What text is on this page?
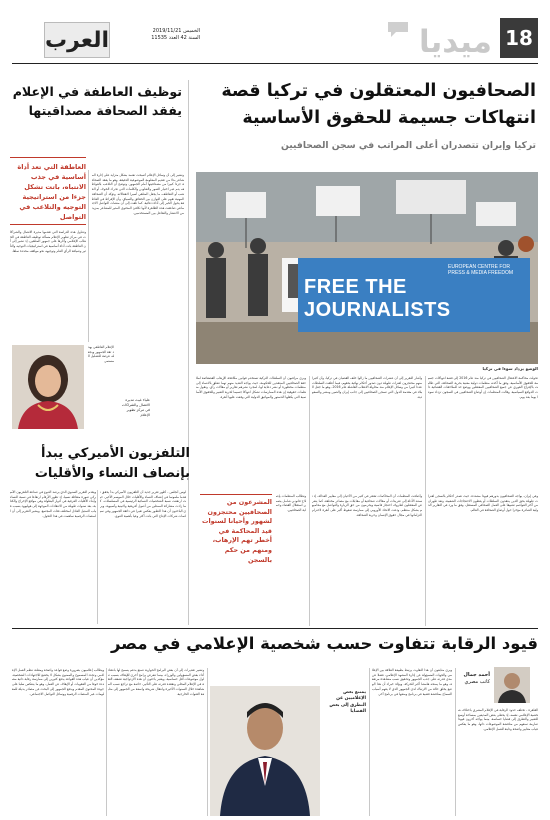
18
ميديا
العرب	الخميس 2019/11/21
السنة 42 العدد 11535
الصحافيون المعتقلون في تركيا قصة انتهاكات جسيمة للحقوق الأساسية
تركيا وإيران تتصدران أعلى المراتب في سجن الصحافيين
توظيف العاطفة في الإعلام يفقد الصحافة مصداقيتها
العاطفة التي تعد أداة أساسية في جذب الانتباه، باتت تشكل جزءا من استراتيجية التوجيه والتلاعب في التواصل
وتتناول هذه الدراسة التي تقدمها مديرة الاتصال والشراكات في مركز تطوير الإعلام مسألة توظيف العاطفة في الخطاب الإعلامي وآثارها على جمهور المتلقين، إذ تشير إلى أن العاطفة باتت أداة أساسية في استراتيجيات التوجيه والتأثير وصياغة الرأي العام وتوجيهه نحو مواقف محددة سلفا.
وتشير إلى أن وسائل الإعلام أصبحت تعتمد بشكل متزايد على إثارة المشاعر بدلا من تقديم المعلومة الموضوعية الدقيقة، وهو ما يفقد الصحافة جزءا كبيرا من مصداقيتها أمام الجمهور. وتوضح أن التلاعب بالعواطف يتم عبر اختيار الصور والعناوين والكلمات التي تحرك الخوف أو الغضب أو التعاطف، ما يجعل المتلقي أسيرا لانفعالاته. وتؤكد أن الصحافة المهنية تقوم على التوازن بين الحقائق والسياق، وأن الإفراط في العاطفة يحول الخبر إلى أداة دعائية. كما تلفت إلى أن منصات التواصل الاجتماعي ضاعفت هذه الظاهرة لأنها تكافئ المحتوى المثير للمشاعر بمزيد من الانتشار والتفاعل بين المستخدمين.
علياء غيث مديرة الاتصال والشراكات في مركز تطوير الإعلام
الإعلام العاطفي يهدد ثقة الجمهور ويجعله عرضة للتضليل المستمر.
التلفزيون الأميركي يبدأ بإنصاف النساء والأقليات
ويقدم التقرير السنوي الذي يرصد التنوع في صناعة التلفزيون الأميركي صورة متفائلة نسبيا، إذ تظهر الأرقام ارتفاعا في نسبة النساء وأبناء الأقليات العرقية في أدوار البطولة وفي مواقع الإخراج والكتابة، بعد سنوات طويلة من الانتقادات الموجهة إلى هوليوود بسبب غياب التمثيل العادل لمختلف فئات المجتمع. ويشير التقرير إلى أن المنصات الرقمية ساهمت في هذا التحول.
لوس أنجلس - أظهر تقرير جديد أن التلفزيون الأميركي بدأ يحقق تقدما ملموسا في إنصاف النساء والأقليات خلال الموسم الأخير، حيث ارتفعت نسبة الشخصيات النسائية الرئيسية في المسلسلات، كما زادت مشاركة الممثلين من أصول أفريقية ولاتينية وآسيوية. ويرى الباحثون أن هذا التطور يعكس تغيرا في ذائقة الجمهور وفي سياسات شركات الإنتاج التي باتت أكثر وعيا بأهمية التنوع.
EUROPEAN CENTRE FOR PRESS & MEDIA FREEDOM
FREE THE JOURNALISTS
الوضع يزداد سوءا في تركيا
ويرى مراقبون أن السلطات التركية تستخدم قوانين مكافحة الإرهاب الفضفاضة لملاحقة الصحافيين المنتقدين للحكومة، حيث يواجه العديد منهم تهما تتعلق بالانتماء إلى منظمات محظورة أو نشر دعاية لها، لمجرد نشرهم تقارير أو مقالات رأي. وتقول منظمات حقوقية إن هذه الممارسات تشكل انتهاكا جسيما لحرية التعبير وللحقوق الأساسية التي يكفلها الدستور والمواثيق الدولية التي وقعت عليها أنقرة.
وأشار التقرير إلى أن عشرات الصحافيين ما زالوا خلف القضبان في تركيا، وأن كثيرا منهم محتجزون لفترات طويلة دون صدور أحكام نهائية بحقهم، فيما أغلقت السلطات عددا كبيرا من وسائل الإعلام منذ محاولة الانقلاب الفاشلة عام 2016، وهو ما جعل البلاد في مقدمة الدول التي تسجن الصحافيين إلى جانب إيران والصين ومصر والسعودية.
تحولت محاكمة الاعتقال الصحافيين في تركيا منذ عام 2016 إلى قصة انتهاكات جسيمة للحقوق الأساسية، وفق ما أكدته منظمات دولية معنية بحرية الصحافة، التي طالبت بالإفراج الفوري عن جميع الصحافيين المعتقلين ووضع حد للملاحقات القضائية ذات الدوافع السياسية. وقالت المنظمات إن أوضاع الصحافيين في السجون تزداد سوءا يوما بعد يوم.
وتطالب المنظمات بإصلاح قانوني شامل يضمن استقلال القضاء وحماية الصحافيين.
المشرعون من الصحافيين محتجزون لشهور وأحيانا لسنوات قيد المحاكمة في أخطر تهم الإرهاب، ومنهم من حكم بالسجن
وأضافت المنظمات أن المحاكمات تفتقر في كثير من الأحيان إلى معايير العدالة، إذ تستند الأدلة إلى تغريدات أو مقالات صحافية أو مقابلات مع مصادر مختلفة، كما يتعرض المعتقلون لظروف احتجاز قاسية ويحرمون من حق الزيارة والتواصل مع محاميهم بشكل منتظم. ودعت الاتحاد الأوروبي إلى ممارسة ضغوط أكبر على أنقرة لاحترام التزاماتها في مجال حقوق الإنسان وحرية الصحافة.
وفي إيران، يواجه الصحافيون بدورهم قيودا مشددة، حيث تصدر أحكام بالسجن لفترات طويلة بحق الذين ينتقدون السلطات أو يغطون الاحتجاجات الشعبية، وتعد طهران من أكثر العواصم تضييقا على العمل الصحافي المستقل، وفق ما ورد في التقارير الدولية الصادرة مؤخرا حول أوضاع الصحافة في العالم.
قيود الرقابة تتفاوت حسب شخصية الإعلامي في مصر
أحمد جمال
كاتب مصري
القاهرة - تختلف حدود الرقابة في الإعلام المصري باختلاف شخصية الإعلامي نفسه، إذ يحظى بعض المذيعين بمساحة أوسع للتعبير والتطرق إلى قضايا حساسة، بينما يواجه آخرون قيودا صارمة تمنعهم من مناقشة الموضوعات ذاتها، وهو ما يعكس غياب معايير واضحة وثابتة للعمل الإعلامي.
ويرى متابعون أن هذا التفاوت يرتبط بطبيعة العلاقة بين الإعلامي والجهات المسؤولة عن إدارة المشهد الإعلامي، فضلا عن مدى قدرته على جذب الجمهور وتحقيق نسب مشاهدة مرتفعة، وهو ما يمنحه هامشا أكبر للحركة. ويؤكد خبراء أن هذا الوضع يخلق حالة من الارتباك لدى الجمهور الذي لا يفهم أسباب السماح بمناقشة قضية في برنامج ومنعها في برنامج آخر.
يمتنع بعض الإعلاميين عن التطرق إلى بعض القضايا
ويطالب إعلاميون بضرورة وضع قواعد واضحة ومعلنة تنظم العمل الإعلامي وتحدد المسموح والممنوع بشكل لا يخضع للاجتهادات الشخصية، مؤكدين أن غياب هذه القواعد يدفع كثيرين إلى ممارسة رقابة ذاتية مشددة خوفا من العقوبات أو الإيقاف عن العمل، وهو ما ينعكس سلبا على جودة المحتوى المقدم ويدفع الجمهور إلى البحث عن مصادر بديلة للمعلومات عبر المنصات الرقمية ووسائل التواصل الاجتماعي.
وتشير تقديرات إلى أن بعض البرامج الحوارية تتمتع بدعم يسمح لها بانتقاد أداء بعض المسؤولين والوزراء، بينما تتعرض برامج أخرى للإيقاف بسبب تناول موضوعات أقل حساسية. ويعتبر باحثون أن هذه الازدواجية تضعف الثقة في الإعلام المحلي وتفقده قدرته على التأثير، خاصة مع تراجع نسب المشاهدة خلال السنوات الأخيرة وانتقال شريحة واسعة من الجمهور إلى متابعة القنوات الخارجية.
